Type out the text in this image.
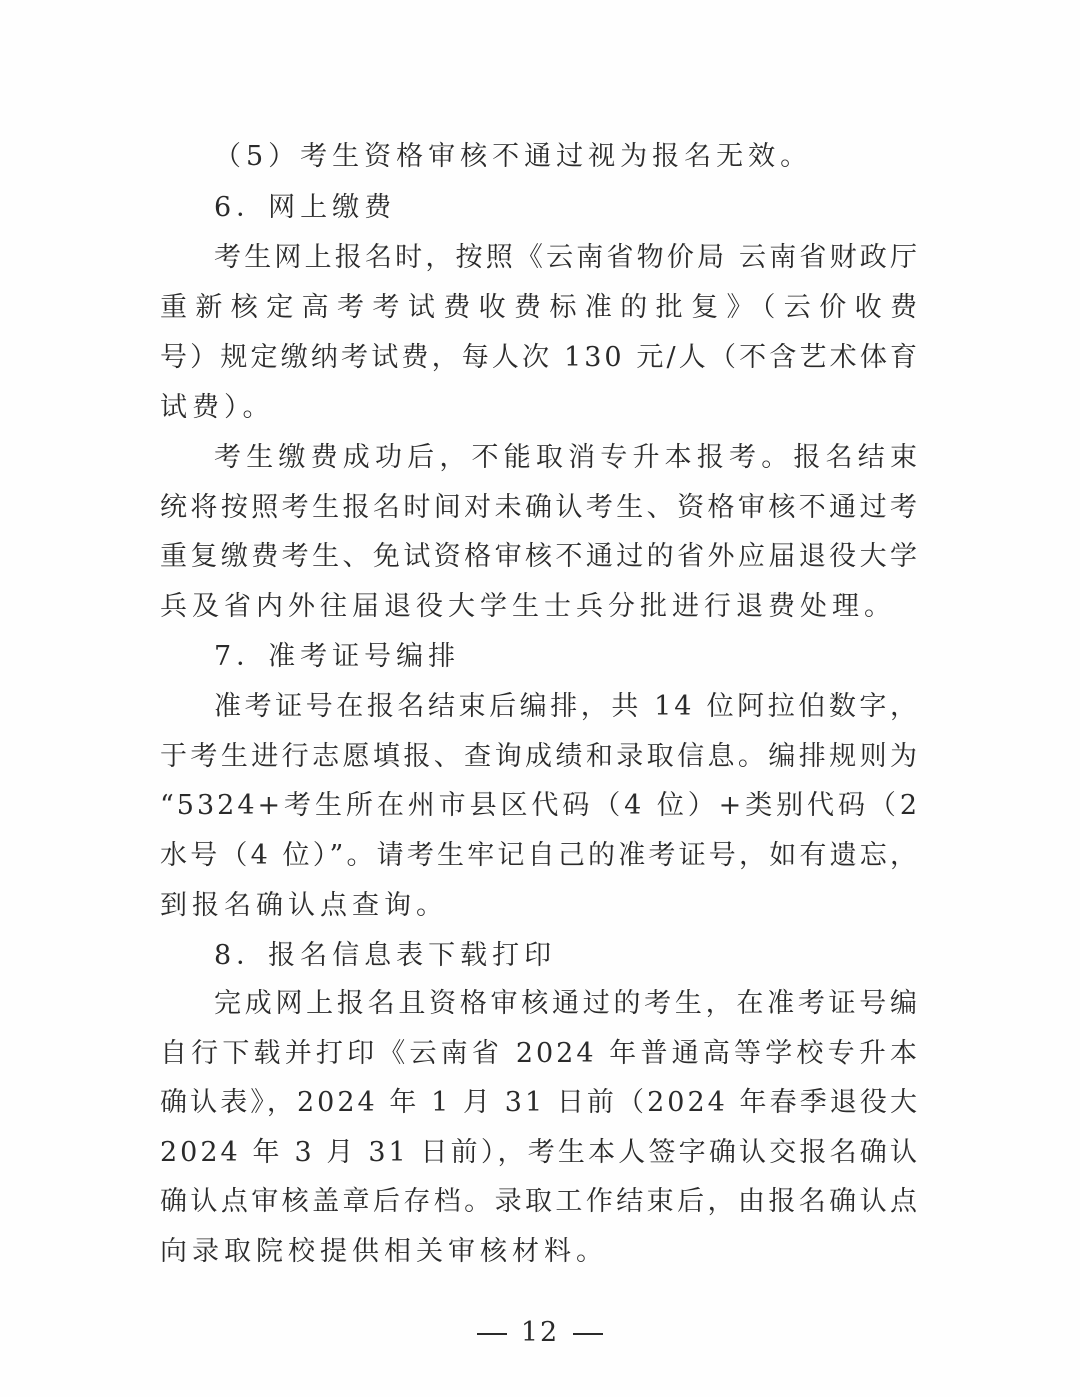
（5）考生资格审核不通过视为报名无效。
6．网上缴费
考生网上报名时，按照《云南省物价局 云南省财政厅
重新核定高考考试费收费标准的批复》（云价收费
号）规定缴纳考试费，每人次 130 元/人（不含艺术体育
试费）。
考生缴费成功后，不能取消专升本报考。报名结束
统将按照考生报名时间对未确认考生、资格审核不通过考
重复缴费考生、免试资格审核不通过的省外应届退役大学
兵及省内外往届退役大学生士兵分批进行退费处理。
7．准考证号编排
准考证号在报名结束后编排，共 14 位阿拉伯数字，
于考生进行志愿填报、查询成绩和录取信息。编排规则为
“5324+考生所在州市县区代码（4 位）+类别代码（2
水号（4 位）”。请考生牢记自己的准考证号，如有遗忘，
到报名确认点查询。
8．报名信息表下载打印
完成网上报名且资格审核通过的考生，在准考证号编
自行下载并打印《云南省 2024 年普通高等学校专升本
确认表》，2024 年 1 月 31 日前（2024 年春季退役大
2024 年 3 月 31 日前），考生本人签字确认交报名确认
确认点审核盖章后存档。录取工作结束后，由报名确认点
向录取院校提供相关审核材料。
12
